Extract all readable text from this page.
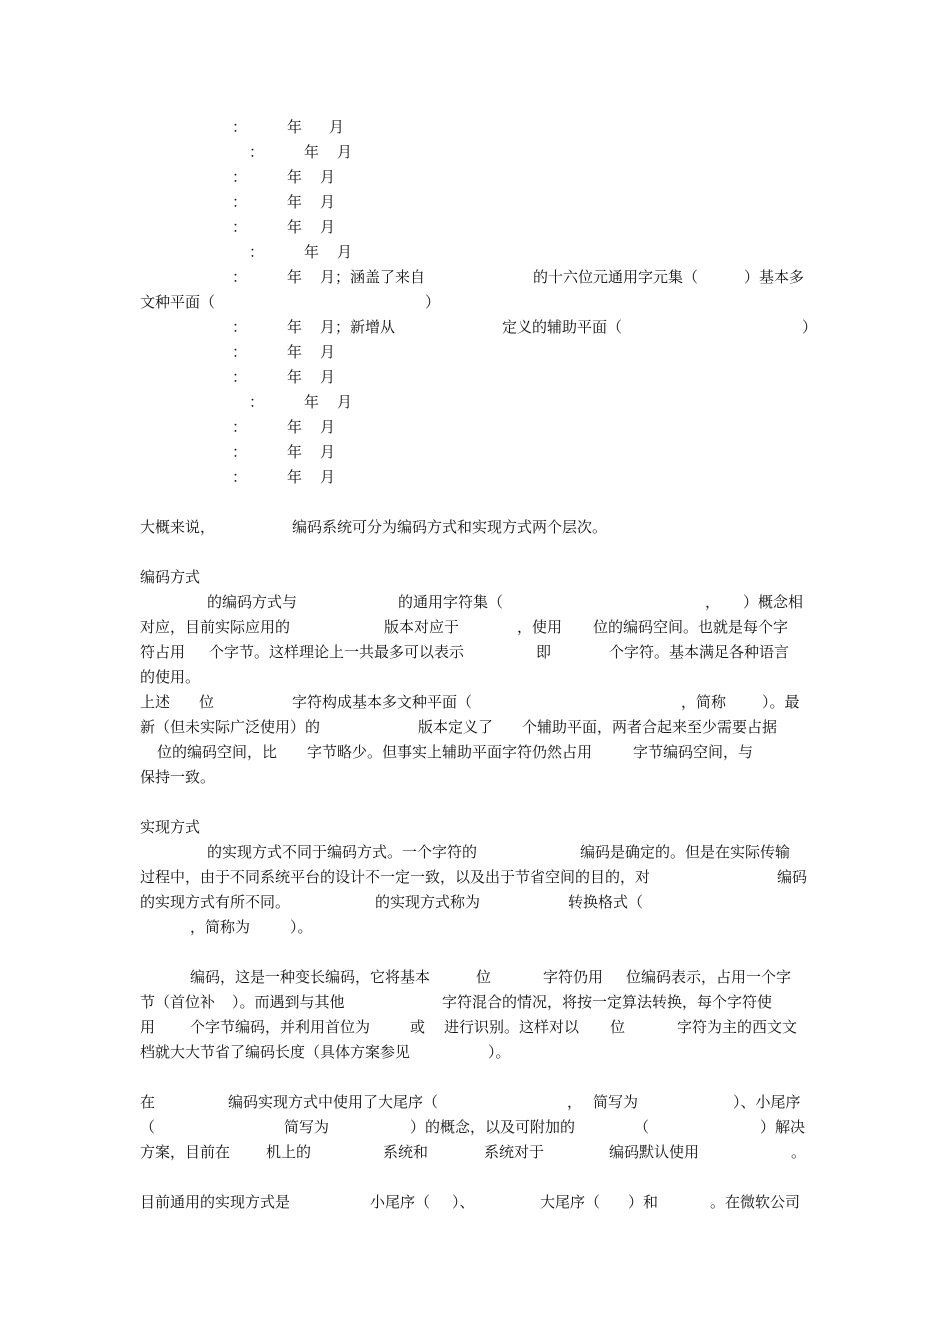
：	年 月
：	年 月
：	年 月
：	年 月
：	年 月
：	年 月
：	年 月；涵盖了来自	的十六位元通用字元集（	）基本多
文种平面（	）
：	年 月；新增从	定义的辅助平面（	）
：	年 月
：	年 月
：	年 月
：	年 月
：	年 月
：	年 月
大概来说，	编码系统可分为编码方式和实现方式两个层次。
编码方式
的编码方式与	的通用字符集（	， ）概念相
对应，目前实际应用的	版本对应于	，使用 位的编码空间。也就是每个字
符占用 个字节。这样理论上一共最多可以表示	即	个字符。基本满足各种语言
的使用。
上述 位	字符构成基本多文种平面（	，简称 ）。最
新（但未实际广泛使用）的	版本定义了 个辅助平面，两者合起来至少需要占据
位的编码空间，比 字节略少。但事实上辅助平面字符仍然占用	字节编码空间，与
保持一致。
实现方式
的实现方式不同于编码方式。一个字符的	编码是确定的。但是在实际传输
过程中，由于不同系统平台的设计不一定一致，以及出于节省空间的目的，对	编码
的实现方式有所不同。	的实现方式称为	转换格式（
，简称为	）。
编码，这是一种变长编码，它将基本	位	字符仍用 位编码表示，占用一个字
节（首位补 ）。而遇到与其他	字符混合的情况，将按一定算法转换，每个字符使
用 个字节编码，并利用首位为	或 进行识别。这样对以 位	字符为主的西文文
档就大大节省了编码长度（具体方案参见	）。
在	编码实现方式中使用了大尾序（	， 简写为	）、小尾序
（	简写为	）的概念，以及可附加的	（	）解决
方案，目前在 机上的	系统和	系统对于	编码默认使用	。
目前通用的实现方式是	小尾序（ ）、	大尾序（ ）和	。在微软公司
